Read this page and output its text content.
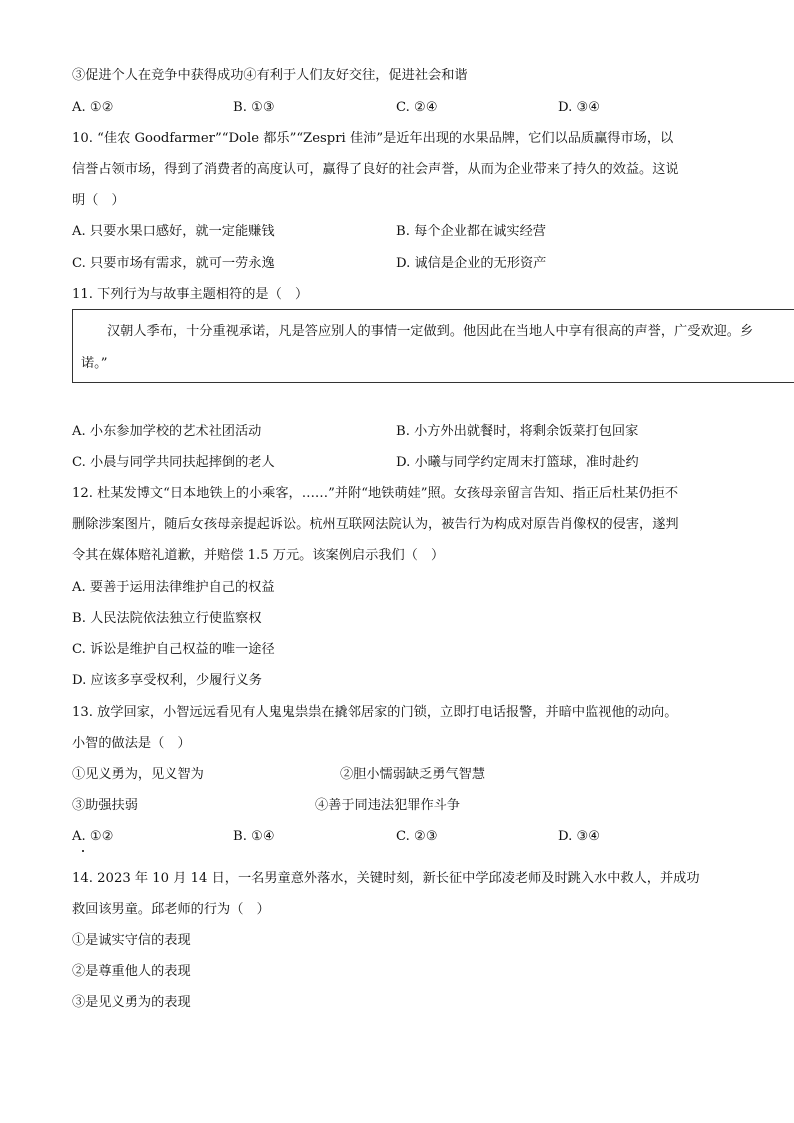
③促进个人在竞争中获得成功④有利于人们友好交往，促进社会和谐
A. ①②	B. ①③	C. ②④	D. ③④
10. “佳农 Goodfarmer”“Dole 都乐”“Zespri 佳沛”是近年出现的水果品牌，它们以品质赢得市场，以
信誉占领市场，得到了消费者的高度认可，赢得了良好的社会声誉，从而为企业带来了持久的效益。这说
明（　）
A. 只要水果口感好，就一定能赚钱	B. 每个企业都在诚实经营
C. 只要市场有需求，就可一劳永逸	D. 诚信是企业的无形资产
11. 下列行为与故事主题相符的是（　）
汉朝人季布，十分重视承诺，凡是答应别人的事情一定做到。他因此在当地人中享有很高的声誉，广受欢迎。乡
诺。”
A. 小东参加学校的艺术社团活动	B. 小方外出就餐时，将剩余饭菜打包回家
C. 小晨与同学共同扶起摔倒的老人	D. 小曦与同学约定周末打篮球，准时赴约
12. 杜某发博文“日本地铁上的小乘客，……”并附“地铁萌娃”照。女孩母亲留言告知、指正后杜某仍拒不
删除涉案图片，随后女孩母亲提起诉讼。杭州互联网法院认为，被告行为构成对原告肖像权的侵害，遂判
令其在媒体赔礼道歉，并赔偿 1.5 万元。该案例启示我们（　）
A. 要善于运用法律维护自己的权益
B. 人民法院依法独立行使监察权
C. 诉讼是维护自己权益的唯一途径
D. 应该多享受权利，少履行义务
13. 放学回家，小智远远看见有人鬼鬼祟祟在撬邻居家的门锁，立即打电话报警，并暗中监视他的动向。
小智的做法是（　）
①见义勇为，见义智为	②胆小懦弱缺乏勇气智慧
③助强扶弱	④善于同违法犯罪作斗争
A. ①②	B. ①④	C. ②③	D. ③④
14. 2023 年 10 月 14 日，一名男童意外落水，关键时刻，新长征中学邱凌老师及时跳入水中救人，并成功
救回该男童。邱老师的行为（　）
①是诚实守信的表现
②是尊重他人的表现
③是见义勇为的表现
